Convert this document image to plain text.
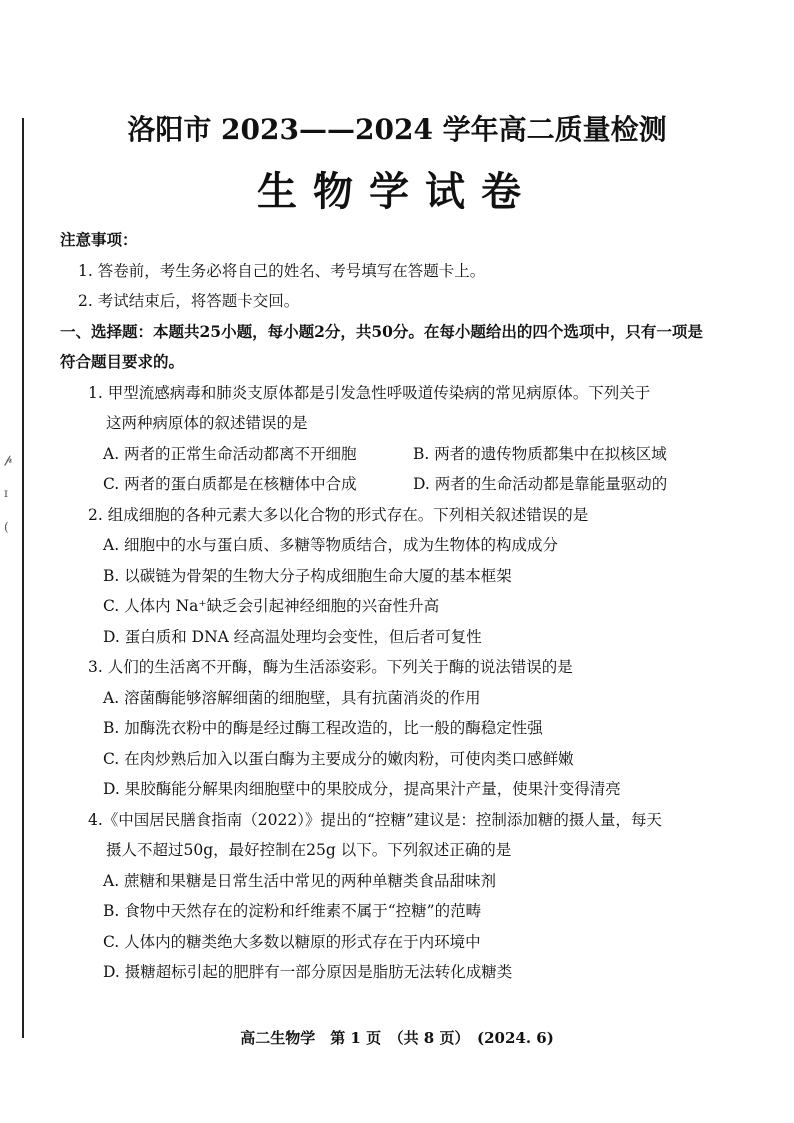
𝓅
ɪ
(
洛阳市 2023——2024 学年高二质量检测
生物学试卷
注意事项：
1. 答卷前，考生务必将自己的姓名、考号填写在答题卡上。
2. 考试结束后，将答题卡交回。
一、选择题：本题共25小题，每小题2分，共50分。在每小题给出的四个选项中，只有一项是
符合题目要求的。
1. 甲型流感病毒和肺炎支原体都是引发急性呼吸道传染病的常见病原体。下列关于
这两种病原体的叙述错误的是
A. 两者的正常生命活动都离不开细胞	B. 两者的遗传物质都集中在拟核区域
C. 两者的蛋白质都是在核糖体中合成	D. 两者的生命活动都是靠能量驱动的
2. 组成细胞的各种元素大多以化合物的形式存在。下列相关叙述错误的是
A. 细胞中的水与蛋白质、多糖等物质结合，成为生物体的构成成分
B. 以碳链为骨架的生物大分子构成细胞生命大厦的基本框架
C. 人体内 Na⁺缺乏会引起神经细胞的兴奋性升高
D. 蛋白质和 DNA 经高温处理均会变性，但后者可复性
3. 人们的生活离不开酶，酶为生活添姿彩。下列关于酶的说法错误的是
A. 溶菌酶能够溶解细菌的细胞壁，具有抗菌消炎的作用
B. 加酶洗衣粉中的酶是经过酶工程改造的，比一般的酶稳定性强
C. 在肉炒熟后加入以蛋白酶为主要成分的嫩肉粉，可使肉类口感鲜嫩
D. 果胶酶能分解果肉细胞壁中的果胶成分，提高果汁产量，使果汁变得清亮
4.《中国居民膳食指南（2022）》提出的“控糖”建议是：控制添加糖的摄人量，每天
摄人不超过50g，最好控制在25g 以下。下列叙述正确的是
A. 蔗糖和果糖是日常生活中常见的两种单糖类食品甜味剂
B. 食物中天然存在的淀粉和纤维素不属于“控糖”的范畴
C. 人体内的糖类绝大多数以糖原的形式存在于内环境中
D. 摄糖超标引起的肥胖有一部分原因是脂肪无法转化成糖类
高二生物学　第 1 页　（共 8 页）　(2024. 6)
